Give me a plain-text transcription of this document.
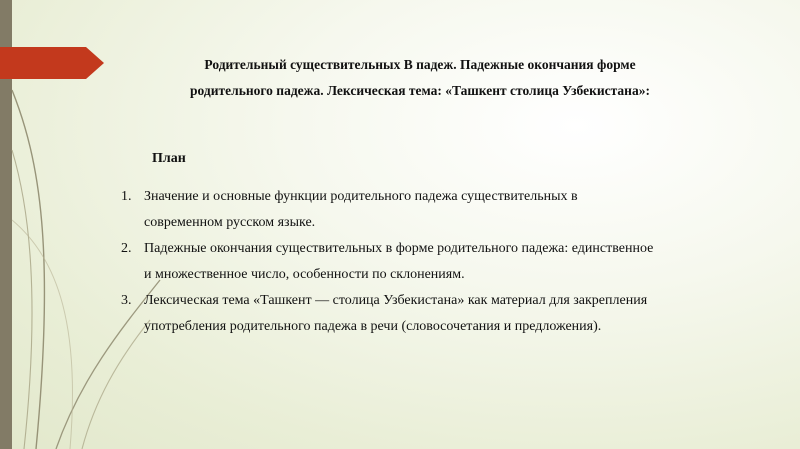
Родительный существительных В падеж. Падежные окончания форме
родительного падежа. Лексическая тема: «Ташкент столица Узбекистана»:
План
1. Значение и основные функции родительного падежа существительных в
современном русском языке.
2. Падежные окончания существительных в форме родительного падежа: единственное
и множественное число, особенности по склонениям.
3. Лексическая тема «Ташкент — столица Узбекистана» как материал для закрепления
употребления родительного падежа в речи (словосочетания и предложения).
